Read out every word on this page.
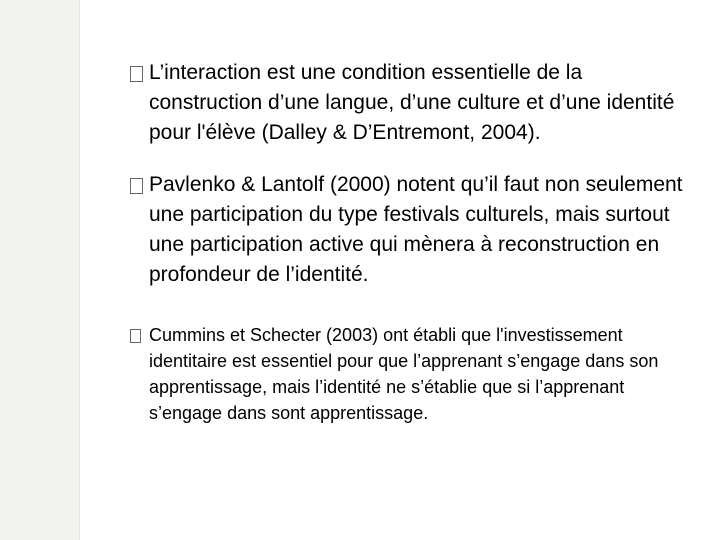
L’interaction est une condition essentielle de la construction d’une langue, d’une culture et d’une identité pour l'élève (Dalley & D’Entremont, 2004).
Pavlenko & Lantolf (2000) notent qu’il faut non seulement une participation du type festivals culturels, mais surtout une participation active qui mènera à reconstruction en profondeur de l’identité.
Cummins et Schecter (2003) ont établi que l'investissement identitaire est essentiel pour que l’apprenant s’engage dans son apprentissage, mais l’identité ne s’établie que si l’apprenant s’engage dans sont apprentissage.
